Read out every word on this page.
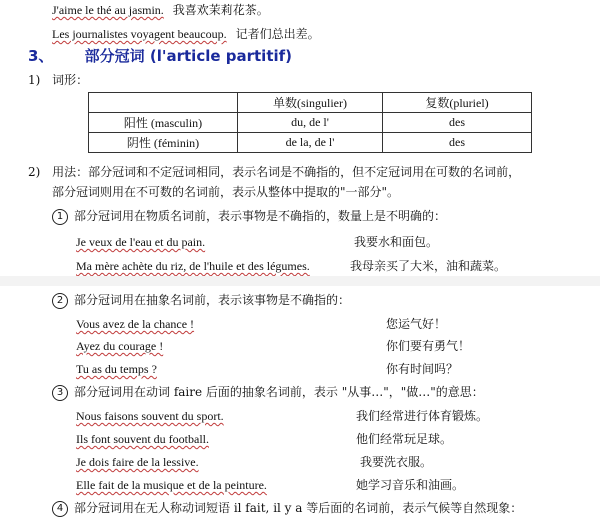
J'aime le thé au jasmin. 我喜欢茉莉花茶。
Les journalistes voyagent beaucoup. 记者们总出差。
3、 部分冠词 (l'article partitif)
1) 词形：
	单数(singulier)	复数(pluriel)
阳性 (masculin)	du, de l'	des
阴性 (féminin)	de la, de l'	des
2) 用法：部分冠词和不定冠词相同，表示名词是不确指的，但不定冠词用在可数的名词前，
部分冠词则用在不可数的名词前，表示从整体中提取的"一部分"。
1 部分冠词用在物质名词前，表示事物是不确指的，数量上是不明确的：
Je veux de l'eau et du pain.	我要水和面包。
Ma mère achète du riz, de l'huile et des légumes.	我母亲买了大米，油和蔬菜。
2 部分冠词用在抽象名词前，表示该事物是不确指的：
Vous avez de la chance !	您运气好！
Ayez du courage !	你们要有勇气！
Tu as du temps ?	你有时间吗？
3 部分冠词用在动词 faire 后面的抽象名词前，表示 "从事…"，"做…"的意思：
Nous faisons souvent du sport.	我们经常进行体育锻炼。
Ils font souvent du football.	他们经常玩足球。
Je dois faire de la lessive.	我要洗衣服。
Elle fait de la musique et de la peinture.	她学习音乐和油画。
4 部分冠词用在无人称动词短语 il fait, il y a 等后面的名词前，表示气候等自然现象：
